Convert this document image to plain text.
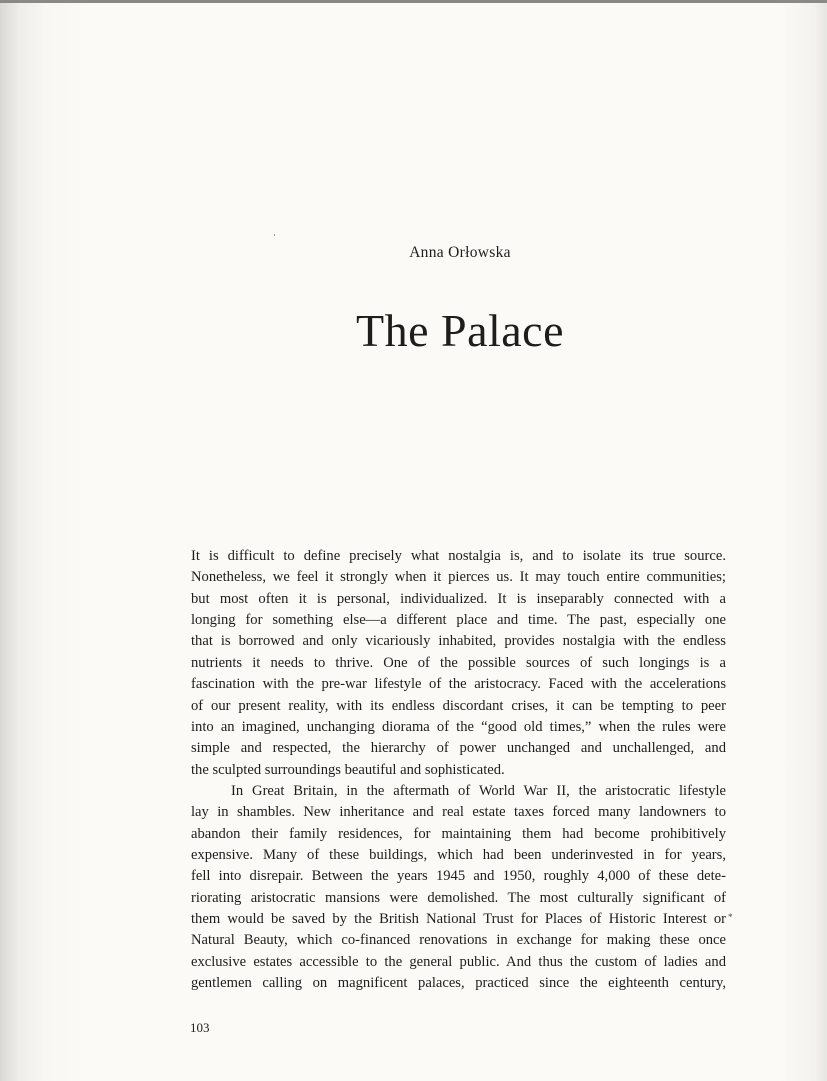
Anna Orłowska
The Palace
It is difficult to define precisely what nostalgia is, and to isolate its true source.
Nonetheless, we feel it strongly when it pierces us. It may touch entire communities;
but most often it is personal, individualized. It is inseparably connected with a
longing for something else—a different place and time. The past, especially one
that is borrowed and only vicariously inhabited, provides nostalgia with the endless
nutrients it needs to thrive. One of the possible sources of such longings is a
fascination with the pre-war lifestyle of the aristocracy. Faced with the accelerations
of our present reality, with its endless discordant crises, it can be tempting to peer
into an imagined, unchanging diorama of the “good old times,” when the rules were
simple and respected, the hierarchy of power unchanged and unchallenged, and
the sculpted surroundings beautiful and sophisticated.
In Great Britain, in the aftermath of World War II, the aristocratic lifestyle
lay in shambles. New inheritance and real estate taxes forced many landowners to
abandon their family residences, for maintaining them had become prohibitively
expensive. Many of these buildings, which had been underinvested in for years,
fell into disrepair. Between the years 1945 and 1950, roughly 4,000 of these dete-
riorating aristocratic mansions were demolished. The most culturally significant of
them would be saved by the British National Trust for Places of Historic Interest or
Natural Beauty, which co-financed renovations in exchange for making these once
exclusive estates accessible to the general public. And thus the custom of ladies and
gentlemen calling on magnificent palaces, practiced since the eighteenth century,
*
103
